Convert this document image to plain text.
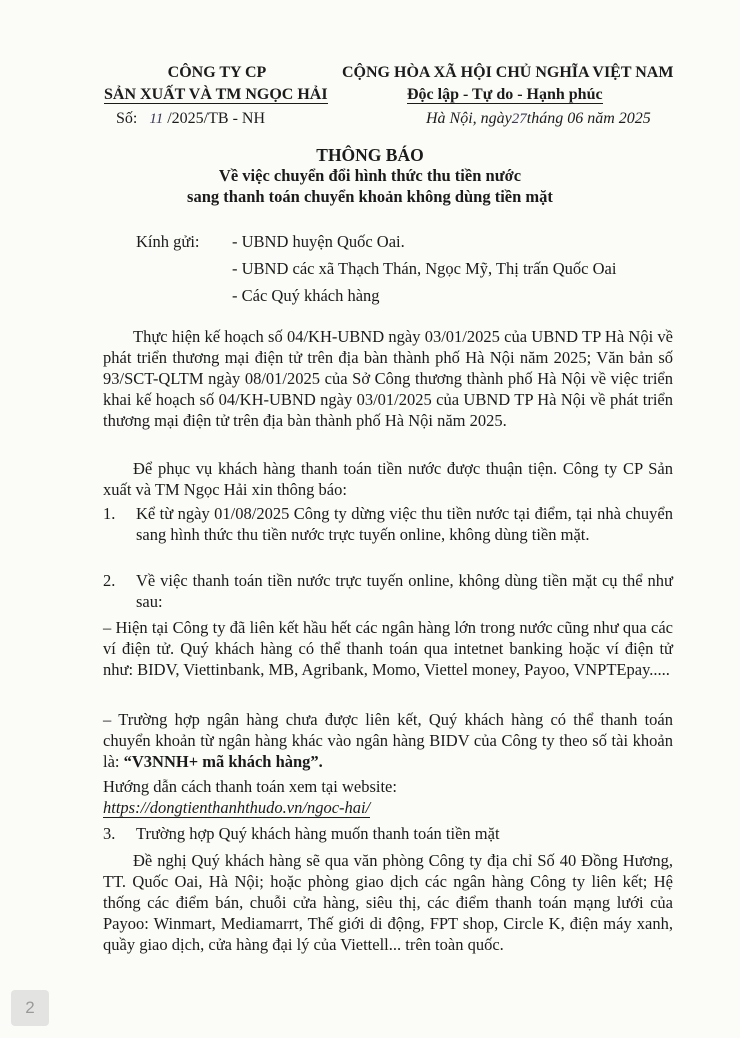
CÔNG TY CP
SẢN XUẤT VÀ TM NGỌC HẢI
Số: 11 /2025/TB - NH
CỘNG HÒA XÃ HỘI CHỦ NGHĨA VIỆT NAM
Độc lập - Tự do - Hạnh phúc
Hà Nội, ngày27tháng 06 năm 2025
THÔNG BÁO
Về việc chuyển đổi hình thức thu tiền nước
sang thanh toán chuyển khoản không dùng tiền mặt
Kính gửi: - UBND huyện Quốc Oai.
- UBND các xã Thạch Thán, Ngọc Mỹ, Thị trấn Quốc Oai
- Các Quý khách hàng
Thực hiện kế hoạch số 04/KH-UBND ngày 03/01/2025 của UBND TP Hà Nội về phát triển thương mại điện tử trên địa bàn thành phố Hà Nội năm 2025; Văn bản số 93/SCT-QLTM ngày 08/01/2025 của Sở Công thương thành phố Hà Nội về việc triển khai kế hoạch số 04/KH-UBND ngày 03/01/2025 của UBND TP Hà Nội về phát triển thương mại điện tử trên địa bàn thành phố Hà Nội năm 2025.
Để phục vụ khách hàng thanh toán tiền nước được thuận tiện. Công ty CP Sản xuất và TM Ngọc Hải xin thông báo:
1. Kể từ ngày 01/08/2025 Công ty dừng việc thu tiền nước tại điểm, tại nhà chuyển sang hình thức thu tiền nước trực tuyến online, không dùng tiền mặt.
2. Về việc thanh toán tiền nước trực tuyến online, không dùng tiền mặt cụ thể như sau:
– Hiện tại Công ty đã liên kết hầu hết các ngân hàng lớn trong nước cũng như qua các ví điện tử. Quý khách hàng có thể thanh toán qua intetnet banking hoặc ví điện tử như: BIDV, Viettinbank, MB, Agribank, Momo, Viettel money, Payoo, VNPTEpay.....
– Trường hợp ngân hàng chưa được liên kết, Quý khách hàng có thể thanh toán chuyển khoản từ ngân hàng khác vào ngân hàng BIDV của Công ty theo số tài khoản là: “V3NNH+ mã khách hàng”.
Hướng dẫn cách thanh toán xem tại website:
https://dongtienthanhthudo.vn/ngoc-hai/
3. Trường hợp Quý khách hàng muốn thanh toán tiền mặt
Đề nghị Quý khách hàng sẽ qua văn phòng Công ty địa chỉ Số 40 Đồng Hương, TT. Quốc Oai, Hà Nội; hoặc phòng giao dịch các ngân hàng Công ty liên kết; Hệ thống các điểm bán, chuỗi cửa hàng, siêu thị, các điểm thanh toán mạng lưới của Payoo: Winmart, Mediamarrt, Thế giới di động, FPT shop, Circle K, điện máy xanh, quầy giao dịch, cửa hàng đại lý của Viettell... trên toàn quốc.
2
